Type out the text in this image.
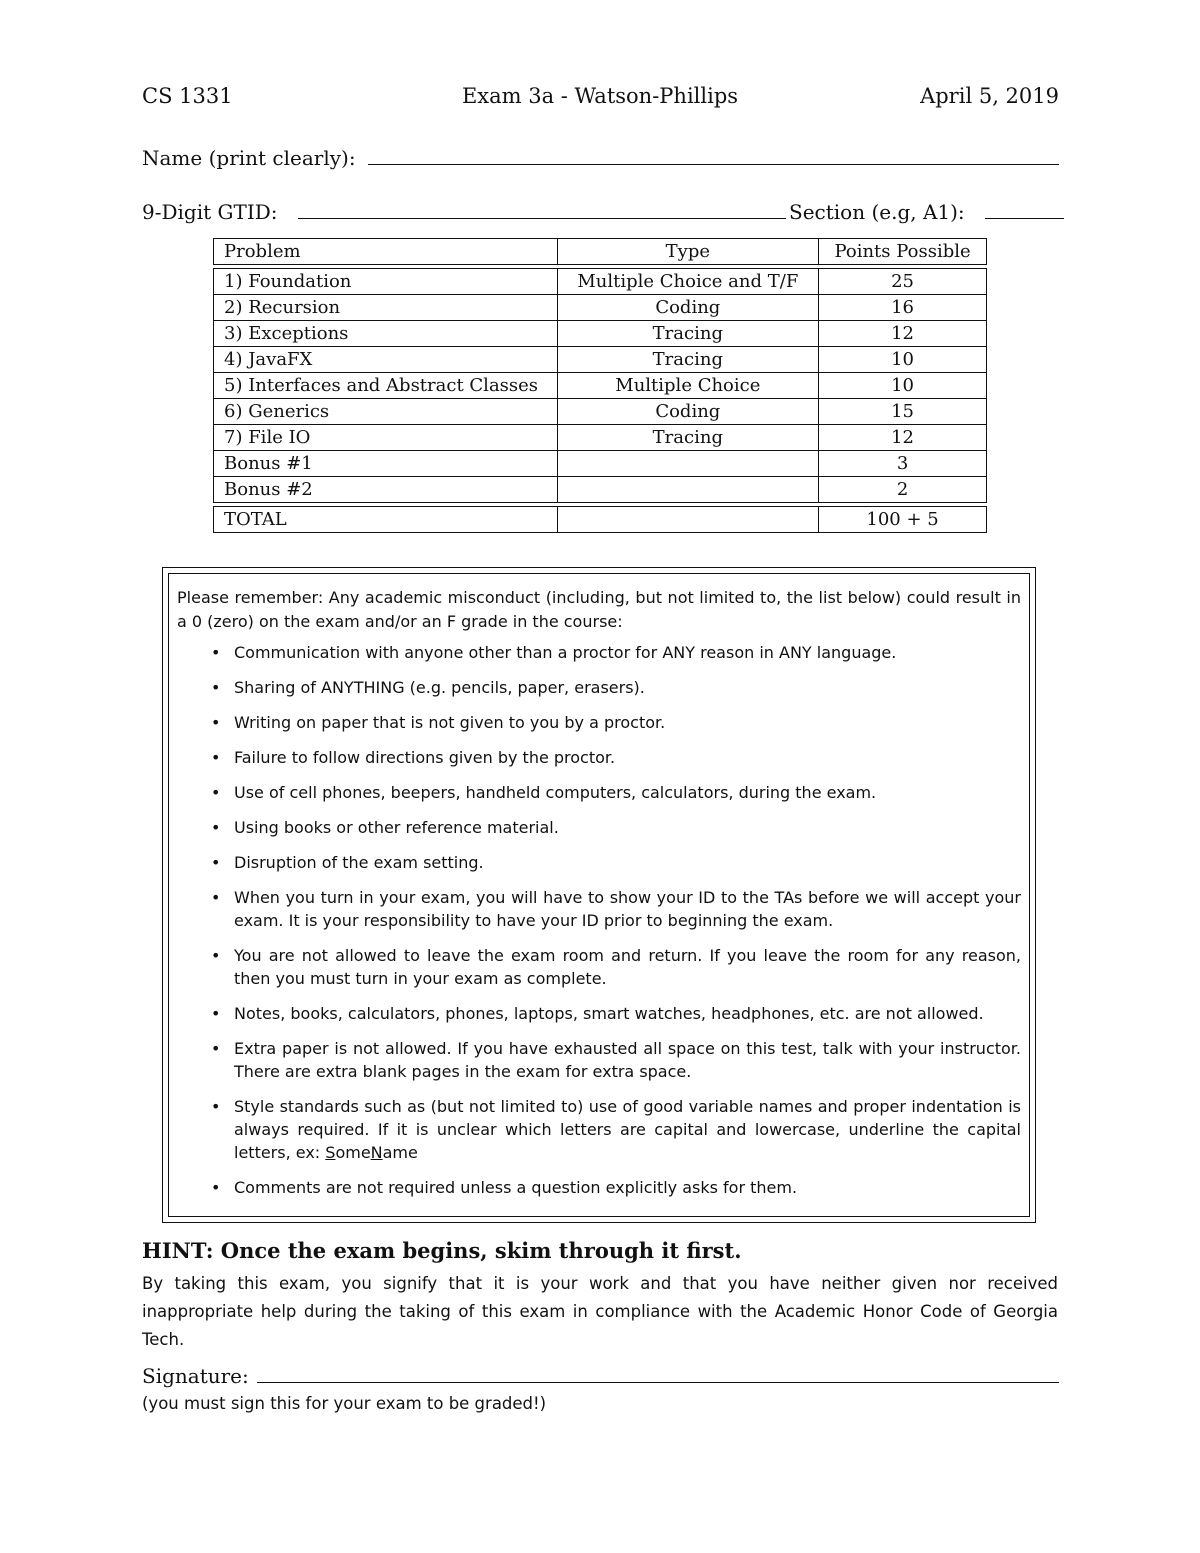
CS 1331	Exam 3a - Watson-Phillips	April 5, 2019
Name (print clearly):
9-Digit GTID:	Section (e.g, A1):
Problem	Type	Points Possible

1) Foundation	Multiple Choice and T/F	25
2) Recursion	Coding	16
3) Exceptions	Tracing	12
4) JavaFX	Tracing	10
5) Interfaces and Abstract Classes	Multiple Choice	10
6) Generics	Coding	15
7) File IO	Tracing	12
Bonus #1		3
Bonus #2		2

TOTAL		100 + 5

Please remember: Any academic misconduct (including, but not limited to, the list below) could result in a 0 (zero) on the exam and/or an F grade in the course:

• Communication with anyone other than a proctor for ANY reason in ANY language.
• Sharing of ANYTHING (e.g. pencils, paper, erasers).
• Writing on paper that is not given to you by a proctor.
• Failure to follow directions given by the proctor.
• Use of cell phones, beepers, handheld computers, calculators, during the exam.
• Using books or other reference material.
• Disruption of the exam setting.
• When you turn in your exam, you will have to show your ID to the TAs before we will accept your exam. It is your responsibility to have your ID prior to beginning the exam.
• You are not allowed to leave the exam room and return. If you leave the room for any reason, then you must turn in your exam as complete.
• Notes, books, calculators, phones, laptops, smart watches, headphones, etc. are not allowed.
• Extra paper is not allowed. If you have exhausted all space on this test, talk with your instructor. There are extra blank pages in the exam for extra space.
• Style standards such as (but not limited to) use of good variable names and proper indentation is always required. If it is unclear which letters are capital and lowercase, underline the capital letters, ex: SomeName
• Comments are not required unless a question explicitly asks for them.
HINT: Once the exam begins, skim through it first.
By taking this exam, you signify that it is your work and that you have neither given nor received inappropriate help during the taking of this exam in compliance with the Academic Honor Code of Georgia Tech.
Signature:
(you must sign this for your exam to be graded!)
